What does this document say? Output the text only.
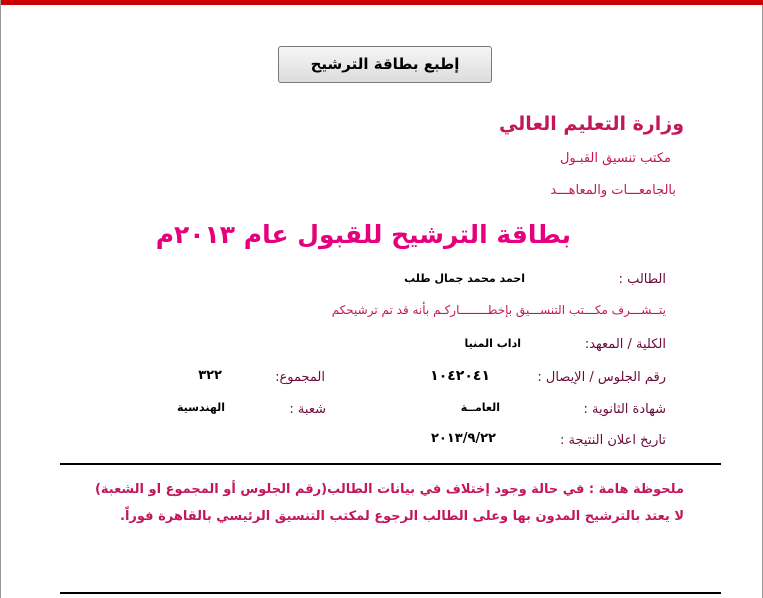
إطبع بطاقة الترشيح
وزارة التعليم العالي
مكتب تنسيق القبـول
بالجامعـــات والمعاهـــد
بطاقة الترشيح للقبول عام ٢٠١٣م
الطالب :
احمد محمد جمال طلب
يتــشـــرف مكـــتب التنســـيق بإخطــــــــاركـم بأنه قد تم ترشيحكم
الكلية / المعهد:
اداب المنيا
رقم الجلوس / الإيصال :
١٠٤٢٠٤١
المجموع:
٣٢٢
شهادة الثانوية :
العامــة
شعبة :
الهندسية
تاريخ اعلان النتيجة :
٢٠١٣/٩/٢٢
ملحوظة هامة : في حالة وجود إختلاف في بيانات الطالب(رقم الجلوس أو المجموع او الشعبة)
لا يعتد بالترشيح المدون بها وعلى الطالب الرجوع لمكتب التنسيق الرئيسي بالقاهرة فوراً.
